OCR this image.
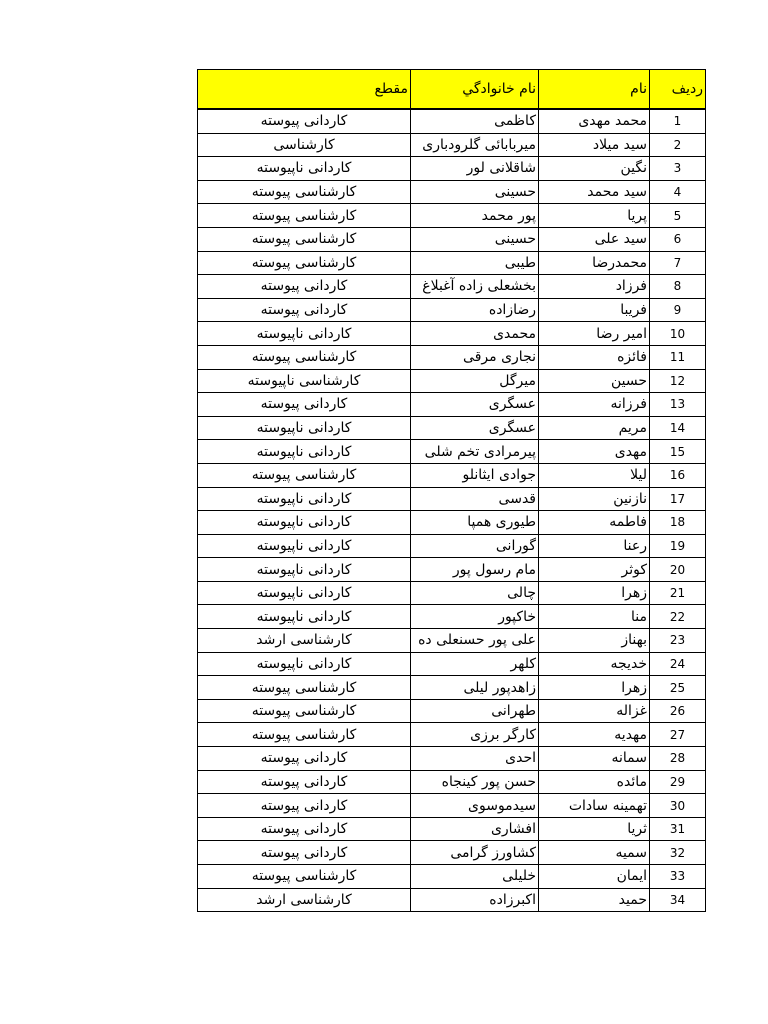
ردیف	نام	نام خانوادگي	مقطع
1	محمد مهدی	کاظمی	کاردانی پیوسته
2	سید میلاد	میربابائی گلرودباری	کارشناسی
3	نگین	شاقلانی لور	کاردانی ناپیوسته
4	سید محمد	حسینی	کارشناسی پیوسته
5	پریا	پور محمد	کارشناسی پیوسته
6	سید علی	حسینی	کارشناسی پیوسته
7	محمدرضا	طیبی	کارشناسی پیوسته
8	فرزاد	بخشعلی زاده آغبلاغ	کاردانی پیوسته
9	فریبا	رضازاده	کاردانی پیوسته
10	امیر رضا	محمدی	کاردانی ناپیوسته
11	فائزه	نجاری مرقی	کارشناسی پیوسته
12	حسین	میرگل	کارشناسی ناپیوسته
13	فرزانه	عسگری	کاردانی پیوسته
14	مریم	عسگری	کاردانی ناپیوسته
15	مهدی	پیرمرادی تخم شلی	کاردانی ناپیوسته
16	لیلا	جوادی ایثانلو	کارشناسی پیوسته
17	نازنین	قدسی	کاردانی ناپیوسته
18	فاطمه	طیوری همپا	کاردانی ناپیوسته
19	رعنا	گورانی	کاردانی ناپیوسته
20	کوثر	مام رسول پور	کاردانی ناپیوسته
21	زهرا	چالی	کاردانی ناپیوسته
22	منا	خاکپور	کاردانی ناپیوسته
23	بهناز	علی پور حسنعلی ده	کارشناسی ارشد
24	خدیجه	کلهر	کاردانی ناپیوسته
25	زهرا	زاهدپور لیلی	کارشناسی پیوسته
26	غزاله	طهرانی	کارشناسی پیوسته
27	مهدیه	کارگر برزی	کارشناسی پیوسته
28	سمانه	احدی	کاردانی پیوسته
29	مائده	حسن پور کینجاه	کاردانی پیوسته
30	تهمینه سادات	سیدموسوی	کاردانی پیوسته
31	ثریا	افشاری	کاردانی پیوسته
32	سمیه	کشاورز گرامی	کاردانی پیوسته
33	ایمان	خلیلی	کارشناسی پیوسته
34	حمید	اکبرزاده	کارشناسی ارشد
